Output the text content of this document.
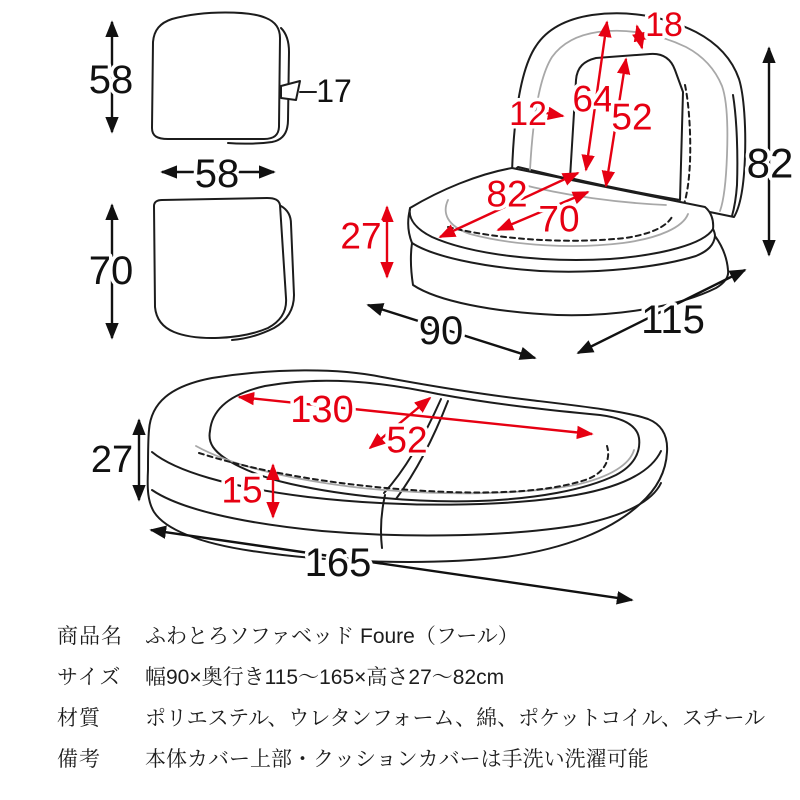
17
58
58
70
18
64
52
12
82
70
27
82
115
90
27
130
52
15
165
商品名	ふわとろソファベッド Foure（フール）
サイズ	幅90×奥行き115〜165×高さ27〜82cm
材質	ポリエステル、ウレタンフォーム、綿、ポケットコイル、スチール
備考	本体カバー上部・クッションカバーは手洗い洗濯可能
